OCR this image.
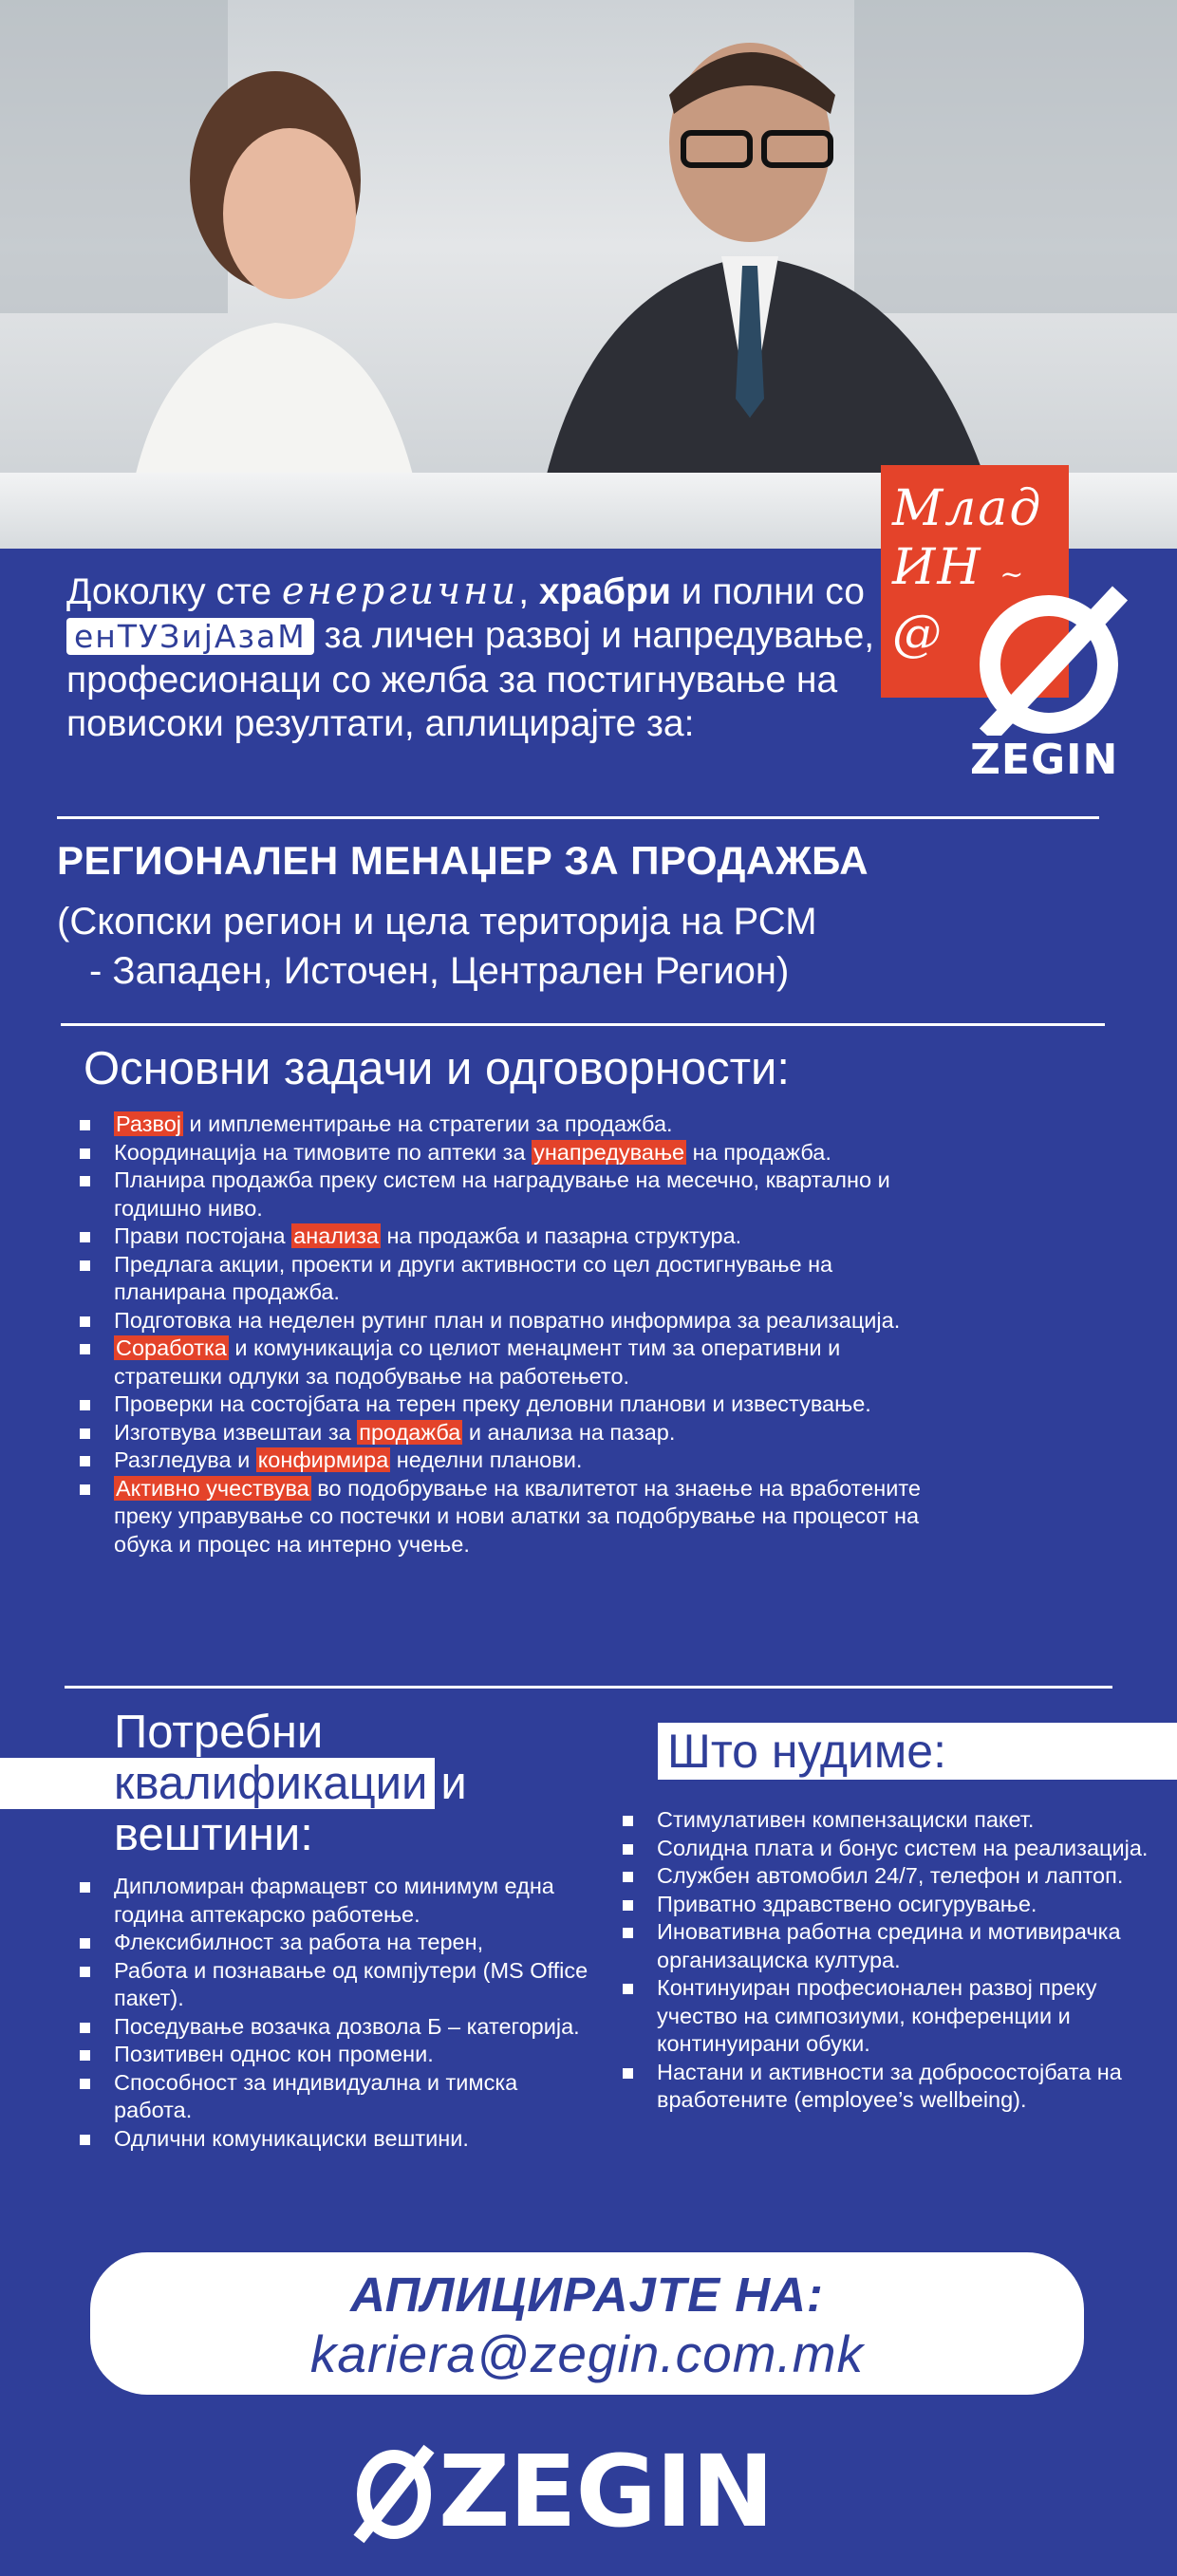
Млад
ИН ~
@
ZEGIN
Доколку сте енергични, храбри и полни со енТУЗијАзаМ за личен развој и напредување, професионаци со желба за постигнување на повисоки резултати, аплицирајте за:
РЕГИОНАЛЕН МЕНАЏЕР ЗА ПРОДАЖБА
(Скопски регион и цела територија на РСМ
- Западен, Источен, Централен Регион)
Основни задачи и одговорности:
Развој и имплементирање на стратегии за продажба.
Координација на тимовите по аптеки за унапредување на продажба.
Планира продажба преку систем на наградување на месечно, квартално и годишно ниво.
Прави постојана анализа на продажба и пазарна структура.
Предлага акции, проекти и други активности со цел достигнување на планирана продажба.
Подготовка на неделен рутинг план и повратно информира за реализација.
Соработка и комуникација со целиот менаџмент тим за оперативни и стратешки одлуки за подобување на работењето.
Проверки на состојбата на терен преку деловни планови и известување.
Изготвува извештаи за продажба и анализа на пазар.
Разгледува и конфирмира неделни планови.
Активно учествува во подобрување на квалитетот на знаење на вработените преку управување со постечки и нови алатки за подобрување на процесот на обука и процес на интерно учење.
Потребни
квалификации и
вештини:
Дипломиран фармацевт со минимум една година аптекарско работење.
Флексибилност за работа на терен,
Работа и познавање од компјутери (MS Office пакет).
Поседување возачка дозвола Б – категорија.
Позитивен однос кон промени.
Способност за индивидуална и тимска работа.
Одлични комуникациски вештини.
Што нудиме:
Стимулативен компензациски пакет.
Солидна плата и бонус систем на реализација.
Службен автомобил 24/7, телефон и лаптоп.
Приватно здравствено осигурување.
Иновативна работна средина и мотивирачка организациска култура.
Континуиран професионален развој преку учество на симпозиуми, конференции и континуирани обуки.
Настани и активности за добросостојбата на вработените (employee’s wellbeing).
АПЛИЦИРАЈТЕ НА:
kariera@zegin.com.mk
ZEGIN
